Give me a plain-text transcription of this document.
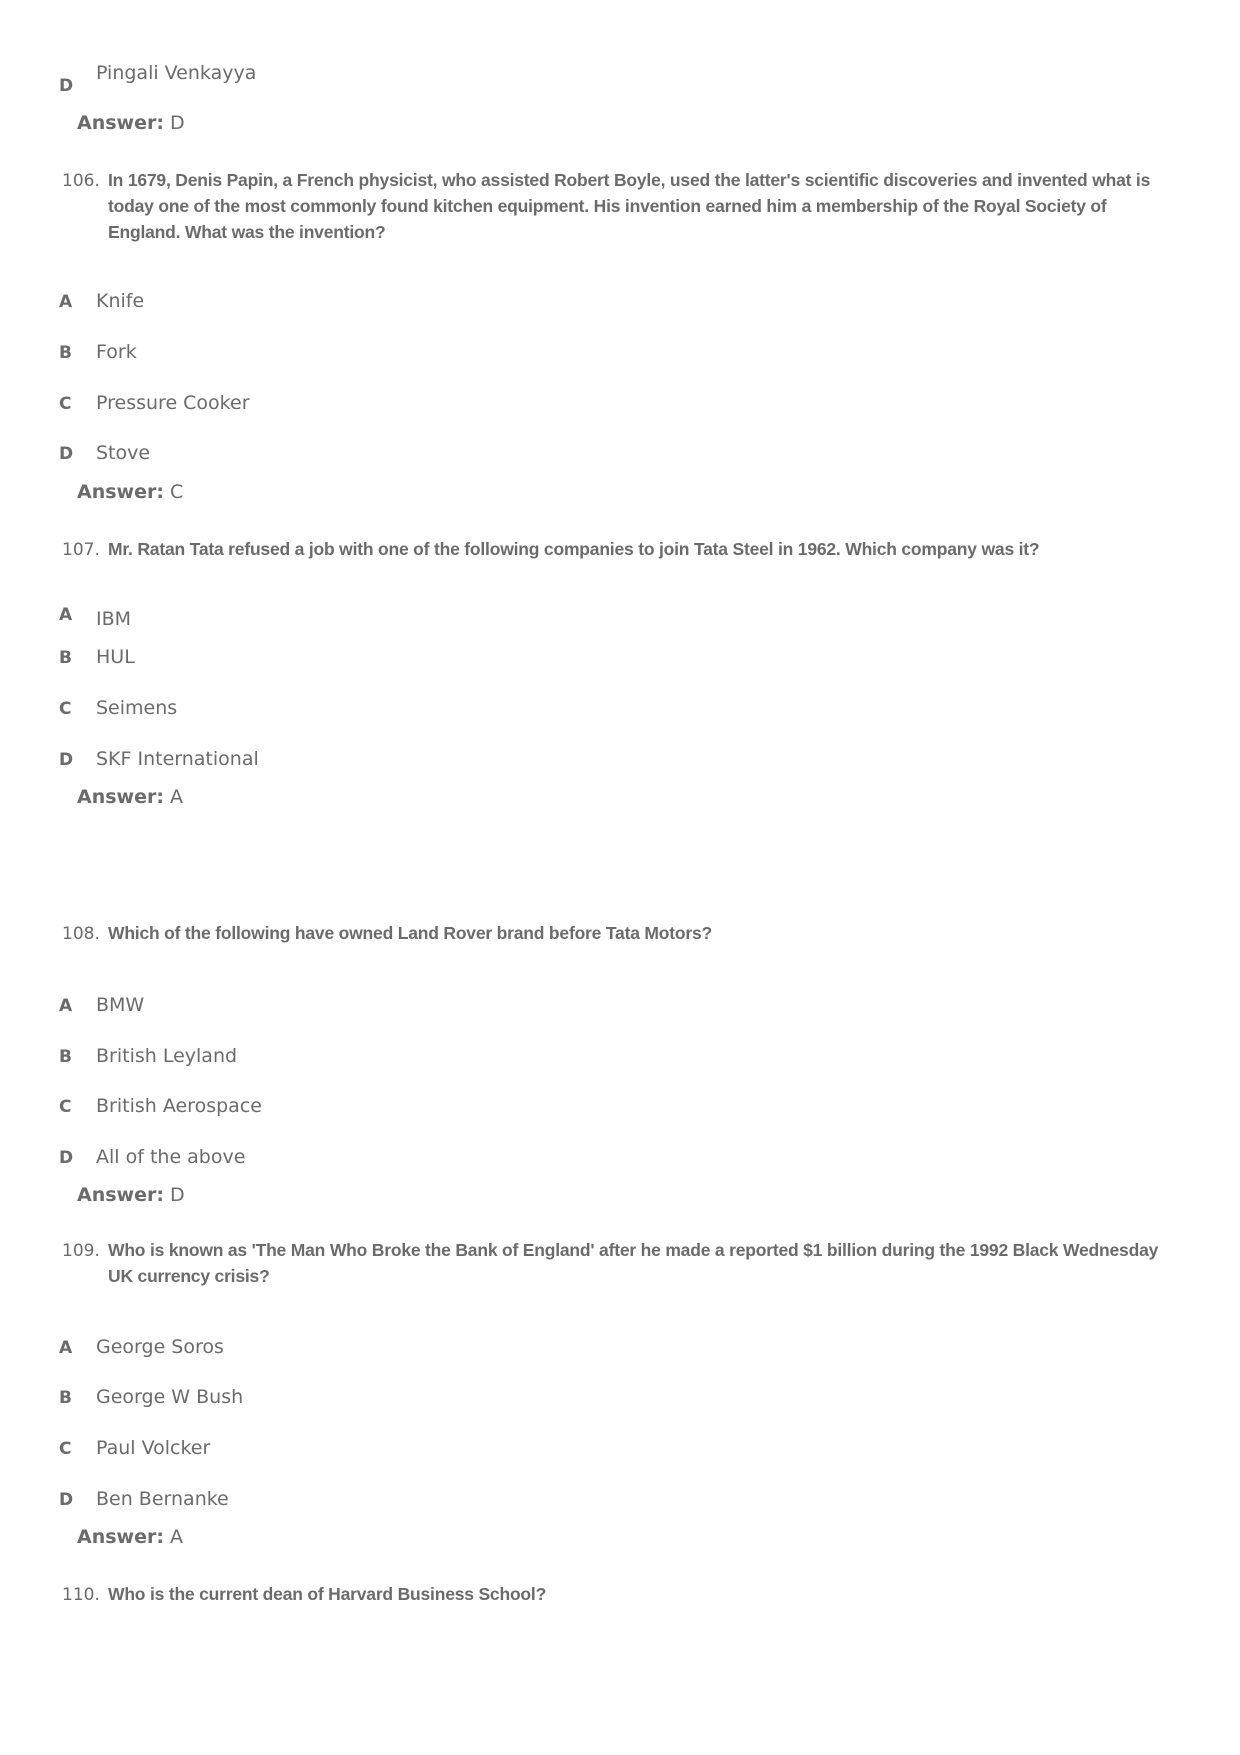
D
Pingali Venkayya
Answer: D
106. In 1679, Denis Papin, a French physicist, who assisted Robert Boyle, used the latter's scientific discoveries and invented what is today one of the most commonly found kitchen equipment. His invention earned him a membership of the Royal Society of England. What was the invention?
A Knife
B Fork
C Pressure Cooker
D Stove
Answer: C
107. Mr. Ratan Tata refused a job with one of the following companies to join Tata Steel in 1962. Which company was it?
A IBM
B HUL
C Seimens
D SKF International
Answer: A
108. Which of the following have owned Land Rover brand before Tata Motors?
A BMW
B British Leyland
C British Aerospace
D All of the above
Answer: D
109. Who is known as 'The Man Who Broke the Bank of England' after he made a reported $1 billion during the 1992 Black Wednesday UK currency crisis?
A George Soros
B George W Bush
C Paul Volcker
D Ben Bernanke
Answer: A
110. Who is the current dean of Harvard Business School?
